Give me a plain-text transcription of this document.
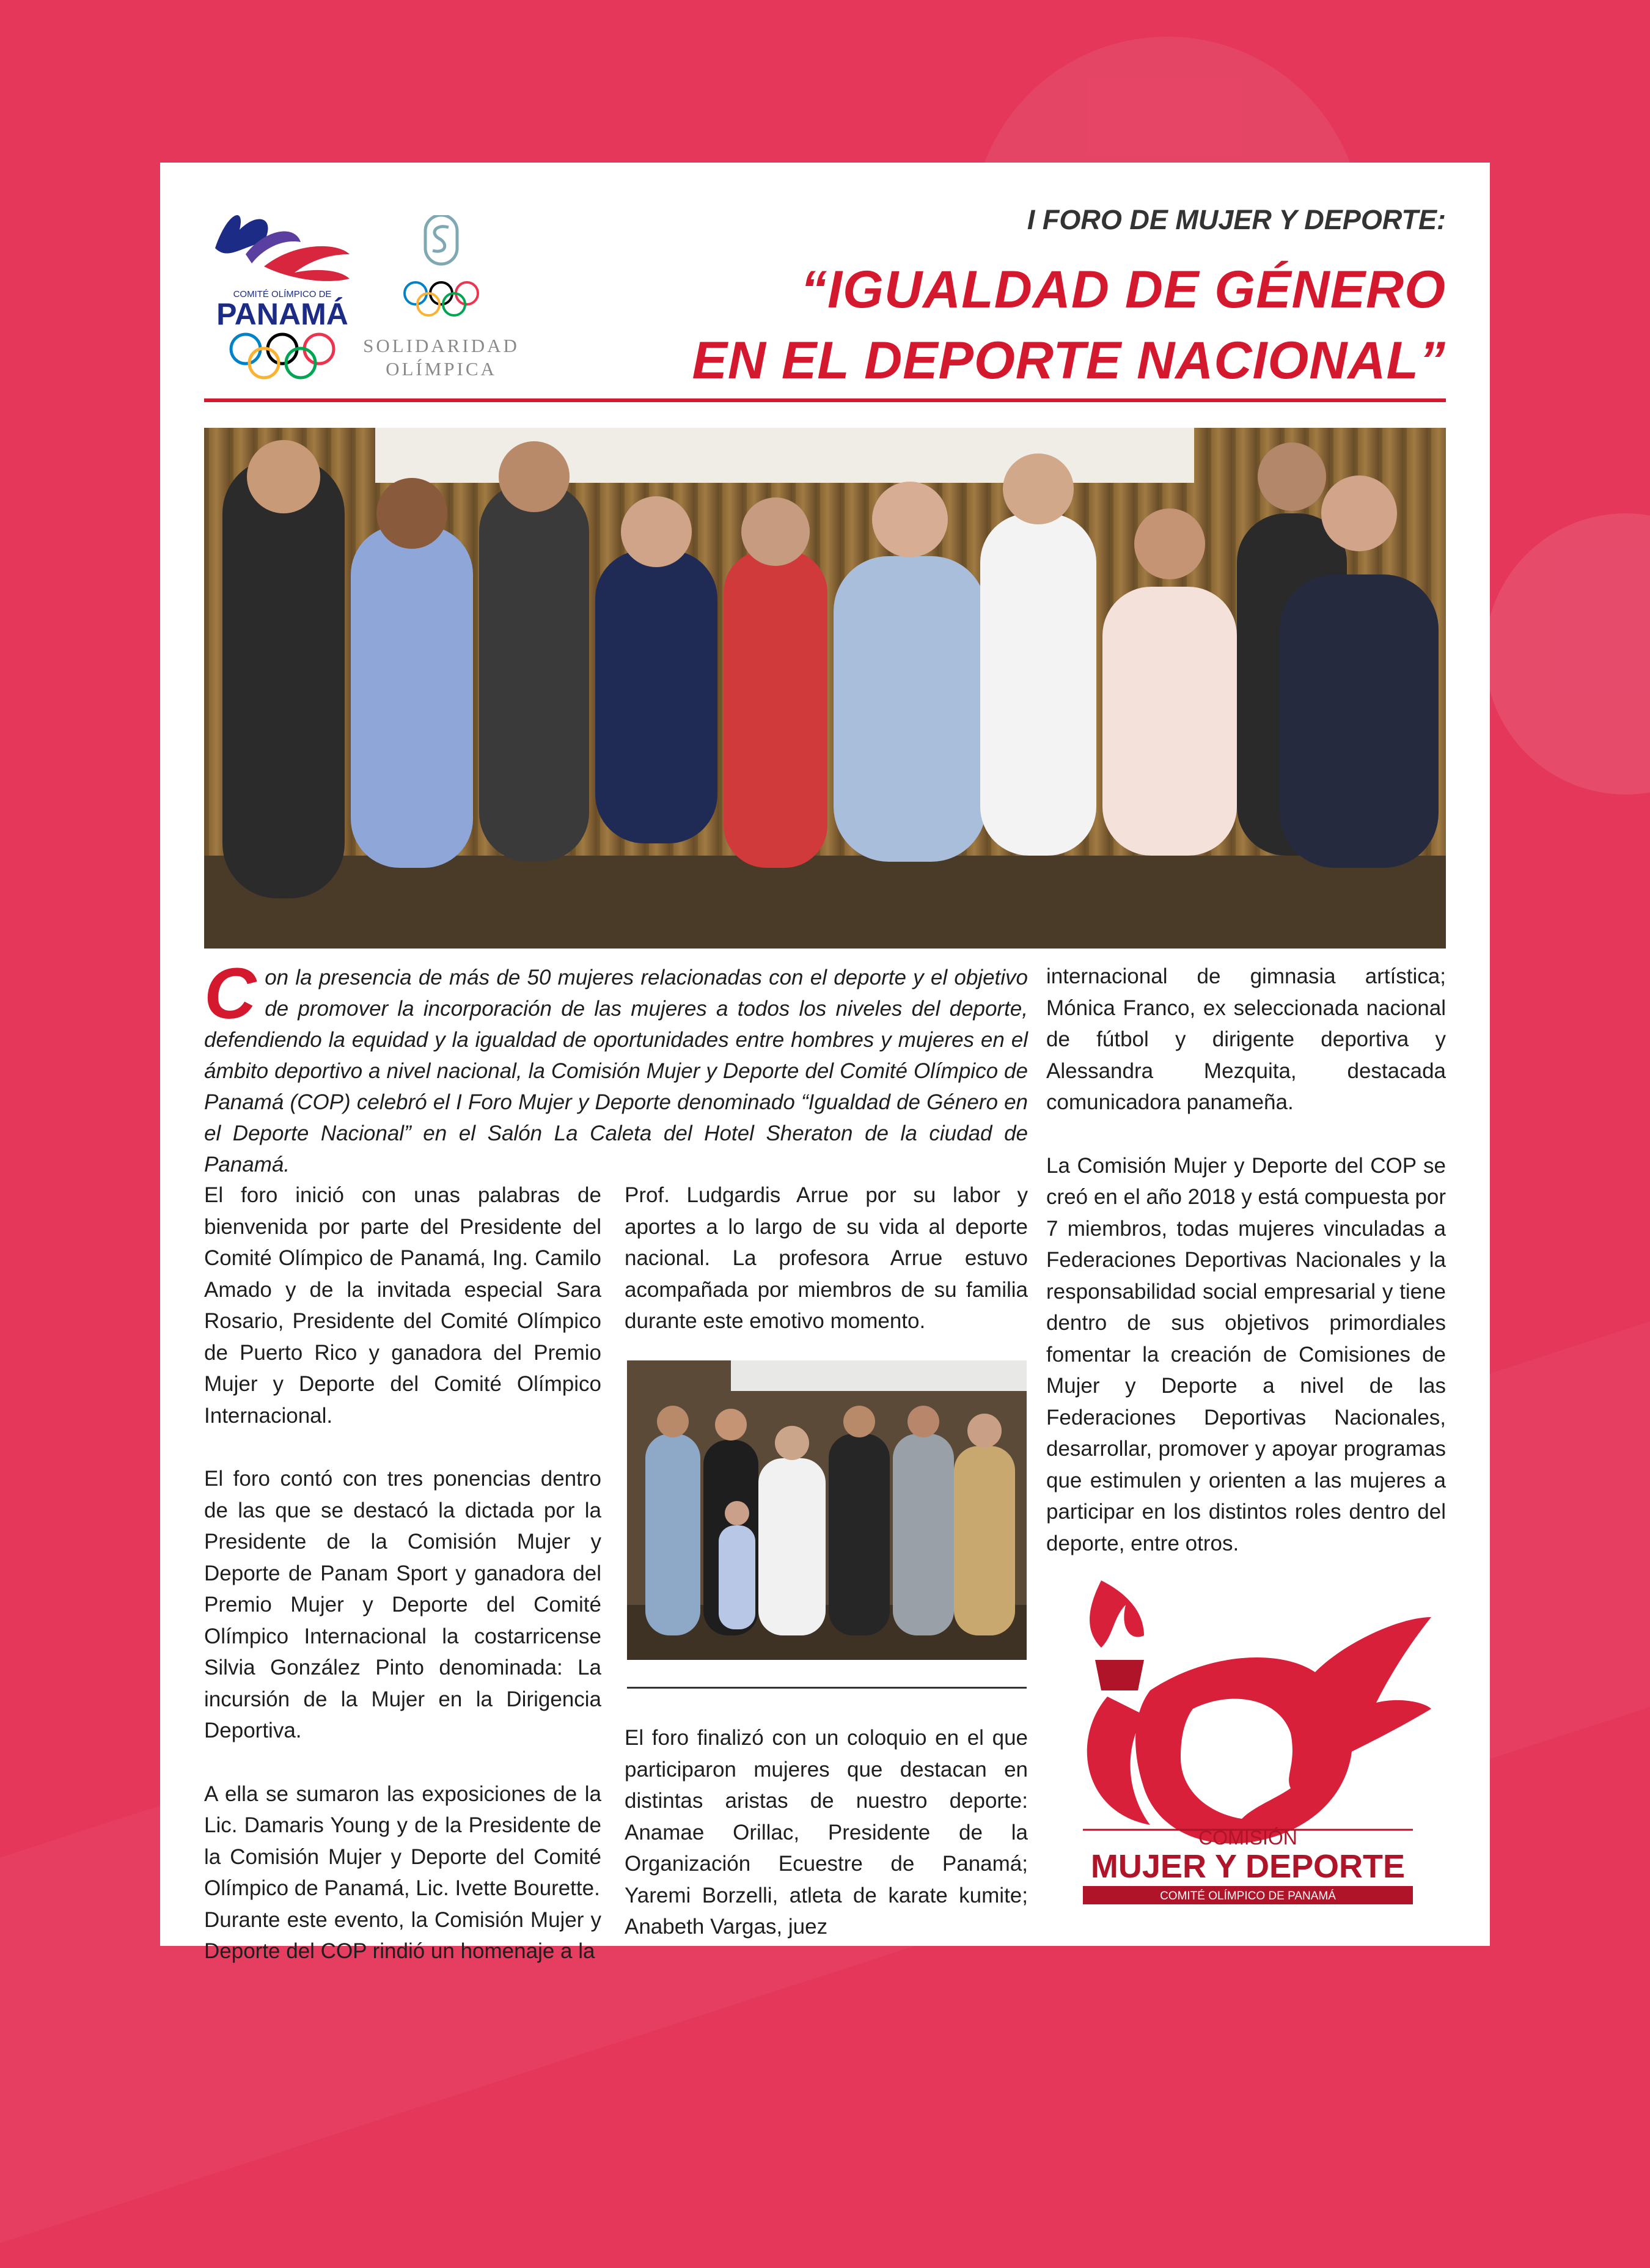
COMITÉ OLÍMPICO DE
PANAMÁ
SOLIDARIDAD
OLÍMPICA
I FORO DE MUJER Y DEPORTE:
“IGUALDAD DE GÉNERO
EN EL DEPORTE NACIONAL”
C on la presencia de más de 50 mujeres relacionadas con el deporte y el objetivo de promover la incorporación de las mujeres a todos los niveles del deporte, defendiendo la equidad y la igualdad de oportunidades entre hombres y mujeres en el ámbito deportivo a nivel nacional, la Comisión Mujer y Deporte del Comité Olímpico de Panamá (COP) celebró el I Foro Mujer y Deporte denominado “Igualdad de Género en el Deporte Nacional” en el Salón La Caleta del Hotel Sheraton de la ciudad de Panamá.

El foro inició con unas palabras de bienvenida por parte del Presidente del Comité Olímpico de Panamá, Ing. Camilo Amado y de la invitada especial Sara Rosario, Presidente del Comité Olímpico de Puerto Rico y ganadora del Premio Mujer y Deporte del Comité Olímpico Internacional.

El foro contó con tres ponencias dentro de las que se destacó la dictada por la Presidente de la Comisión Mujer y Deporte de Panam Sport y ganadora del Premio Mujer y Deporte del Comité Olímpico Internacional la costarricense Silvia González Pinto denominada: La incursión de la Mujer en la Dirigencia Deportiva.

A ella se sumaron las exposiciones de la Lic. Damaris Young y de la Presidente de la Comisión Mujer y Deporte del Comité Olímpico de Panamá, Lic. Ivette Bourette.

Durante este evento, la Comisión Mujer y Deporte del COP rindió un homenaje a la

Prof. Ludgardis Arrue por su labor y aportes a lo largo de su vida al deporte nacional. La profesora Arrue estuvo acompañada por miembros de su familia durante este emotivo momento.

El foro finalizó con un coloquio en el que participaron mujeres que destacan en distintas aristas de nuestro deporte: Anamae Orillac, Presidente de la Organización Ecuestre de Panamá; Yaremi Borzelli, atleta de karate kumite; Anabeth Vargas, juez

internacional de gimnasia artística; Mónica Franco, ex seleccionada nacional de fútbol y dirigente deportiva y Alessandra Mezquita, destacada comunicadora panameña.

La Comisión Mujer y Deporte del COP se creó en el año 2018 y está compuesta por 7 miembros, todas mujeres vinculadas a Federaciones Deportivas Nacionales y la responsabilidad social empresarial y tiene dentro de sus objetivos primordiales fomentar la creación de Comisiones de Mujer y Deporte a nivel de las Federaciones Deportivas Nacionales, desarrollar, promover y apoyar programas que estimulen y orienten a las mujeres a participar en los distintos roles dentro del deporte, entre otros.

COMISIÓN
MUJER Y DEPORTE
COMITÉ OLÍMPICO DE PANAMÁ
